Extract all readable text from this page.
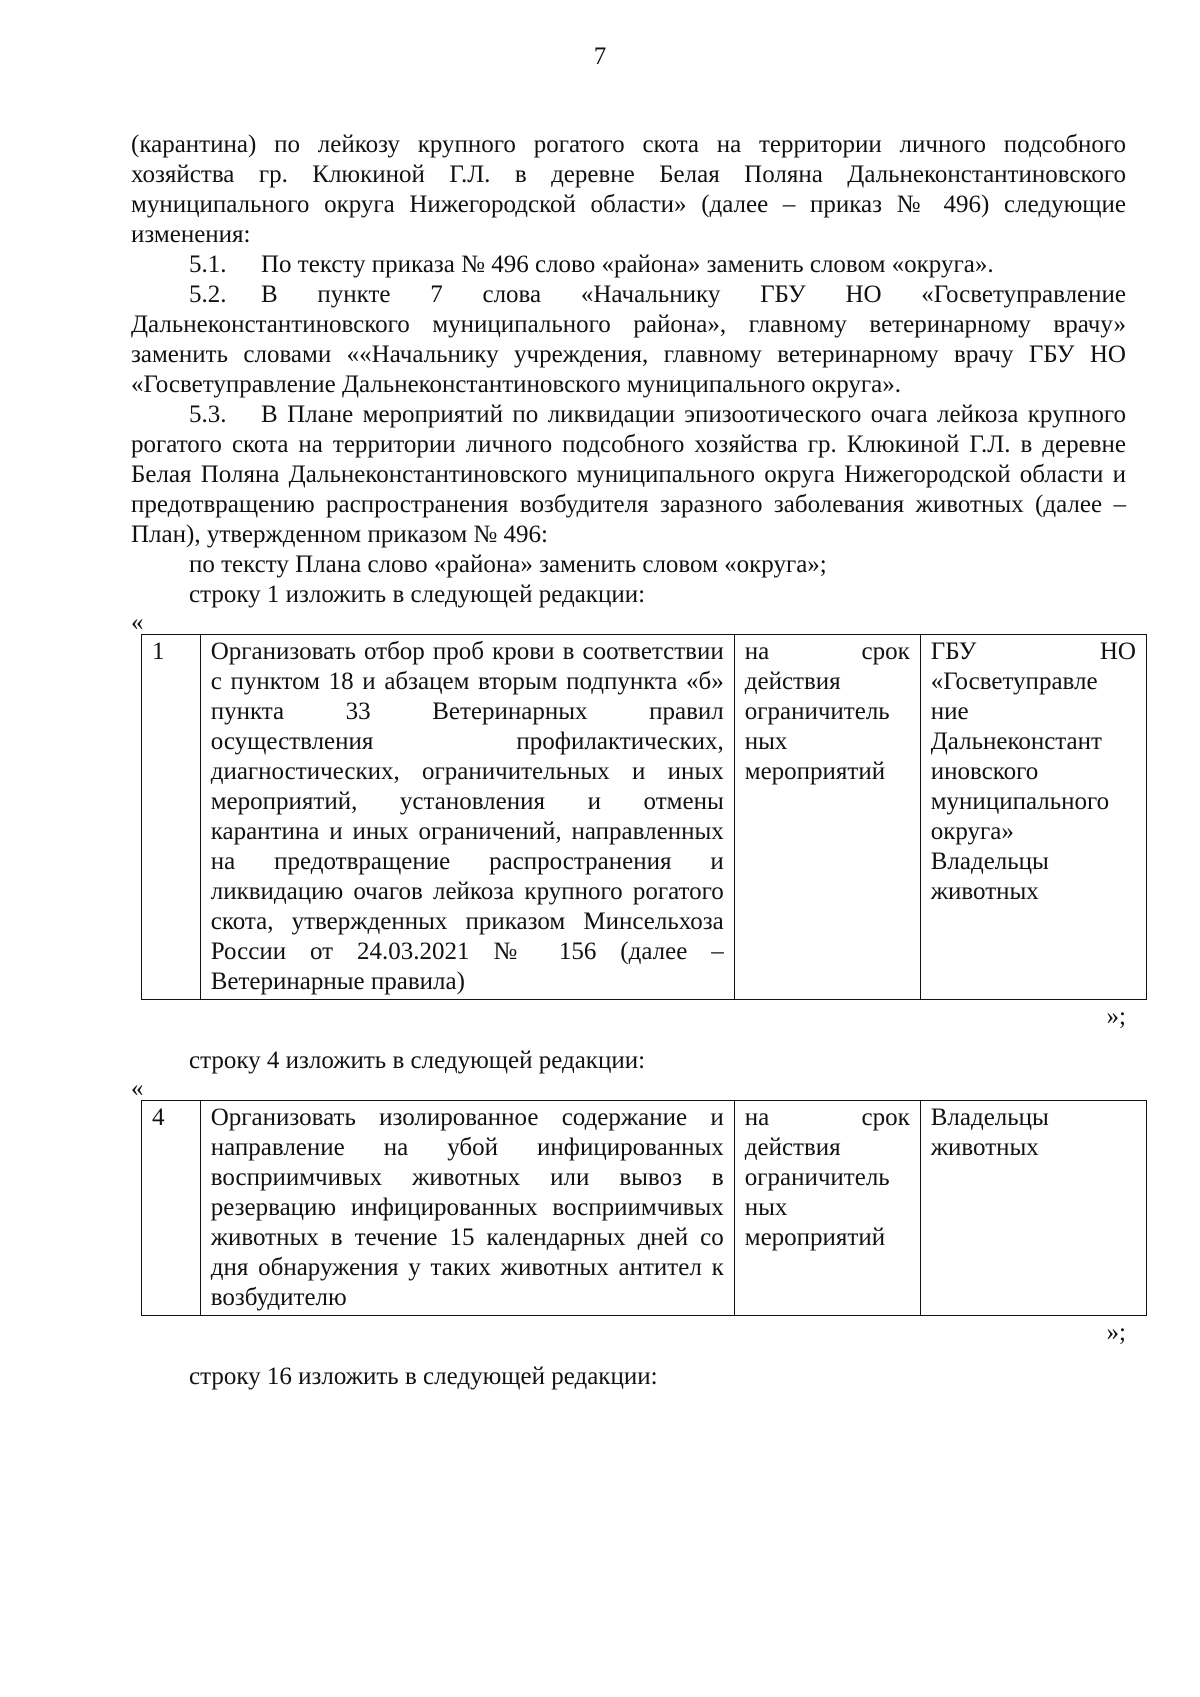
7

(карантина) по лейкозу крупного рогатого скота на территории личного подсобного хозяйства гр. Клюкиной Г.Л. в деревне Белая Поляна Дальнеконстантиновского муниципального округа Нижегородской области» (далее – приказ № 496) следующие изменения:

5.1. По тексту приказа № 496 слово «района» заменить словом «округа».

5.2. В пункте 7 слова «Начальнику ГБУ НО «Госветуправление Дальнеконстантиновского муниципального района», главному ветеринарному врачу» заменить словами ««Начальнику учреждения, главному ветеринарному врачу ГБУ НО «Госветуправление Дальнеконстантиновского муниципального округа».

5.3. В Плане мероприятий по ликвидации эпизоотического очага лейкоза крупного рогатого скота на территории личного подсобного хозяйства гр. Клюкиной Г.Л. в деревне Белая Поляна Дальнеконстантиновского муниципального округа Нижегородской области и предотвращению распространения возбудителя заразного заболевания животных (далее – План), утвержденном приказом № 496:

по тексту Плана слово «района» заменить словом «округа»;

строку 1 изложить в следующей редакции:

«
1	Организовать отбор проб крови в соответствии с пунктом 18 и абзацем вторым подпункта «б» пункта 33 Ветеринарных правил осуществления профилактических, диагностических, ограничительных и иных мероприятий, установления и отмены карантина и иных ограничений, направленных на предотвращение распространения и ликвидацию очагов лейкоза крупного рогатого скота, утвержденных приказом Минсельхоза России от 24.03.2021 № 156 (далее – Ветеринарные правила)	на срок действия ограничитель ных мероприятий	ГБУ НО «Госветуправле ние Дальнеконстант иновского муниципального округа» Владельцы животных
»;

строку 4 изложить в следующей редакции:

«
4	Организовать изолированное содержание и направление на убой инфицированных восприимчивых животных или вывоз в резервацию инфицированных восприимчивых животных в течение 15 календарных дней со дня обнаружения у таких животных антител к возбудителю	на срок действия ограничитель ных мероприятий	Владельцы животных
»;

строку 16 изложить в следующей редакции:
